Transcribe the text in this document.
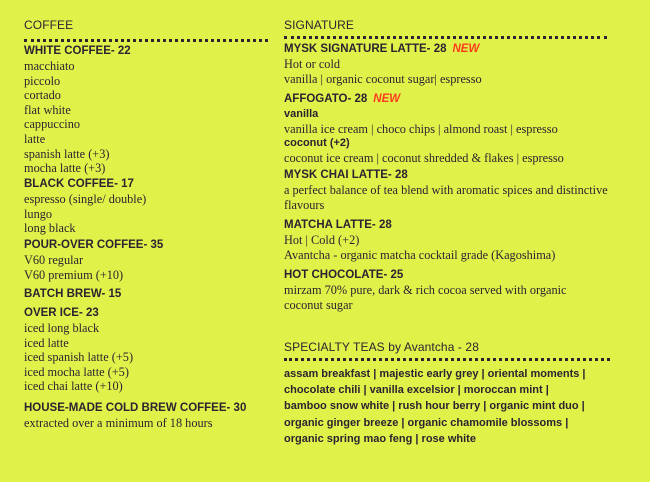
COFFEE
WHITE COFFEE- 22
macchiato
piccolo
cortado
flat white
cappuccino
latte
spanish latte (+3)
mocha latte (+3)
BLACK COFFEE- 17
espresso (single/ double)
lungo
long black
POUR-OVER COFFEE- 35
V60 regular
V60 premium (+10)
BATCH BREW- 15
OVER ICE- 23
iced long black
iced latte
iced spanish latte (+5)
iced mocha latte (+5)
iced chai latte (+10)
HOUSE-MADE COLD BREW COFFEE- 30
extracted over a minimum of 18 hours
SIGNATURE
MYSK SIGNATURE LATTE- 28 NEW
Hot or cold
vanilla | organic coconut sugar| espresso
AFFOGATO- 28 NEW
vanilla
vanilla ice cream | choco chips | almond roast | espresso
coconut (+2)
coconut ice cream | coconut shredded & flakes | espresso
MYSK CHAI LATTE- 28
a perfect balance of tea blend with aromatic spices and distinctive flavours
MATCHA LATTE- 28
Hot | Cold (+2)
Avantcha - organic matcha cocktail grade (Kagoshima)
HOT CHOCOLATE- 25
mirzam 70% pure, dark & rich cocoa served with organic coconut sugar
SPECIALTY TEAS by Avantcha - 28
assam breakfast | majestic early grey | oriental moments |
chocolate chili | vanilla excelsior | moroccan mint |
bamboo snow white | rush hour berry | organic mint duo |
organic ginger breeze | organic chamomile blossoms |
organic spring mao feng | rose white
